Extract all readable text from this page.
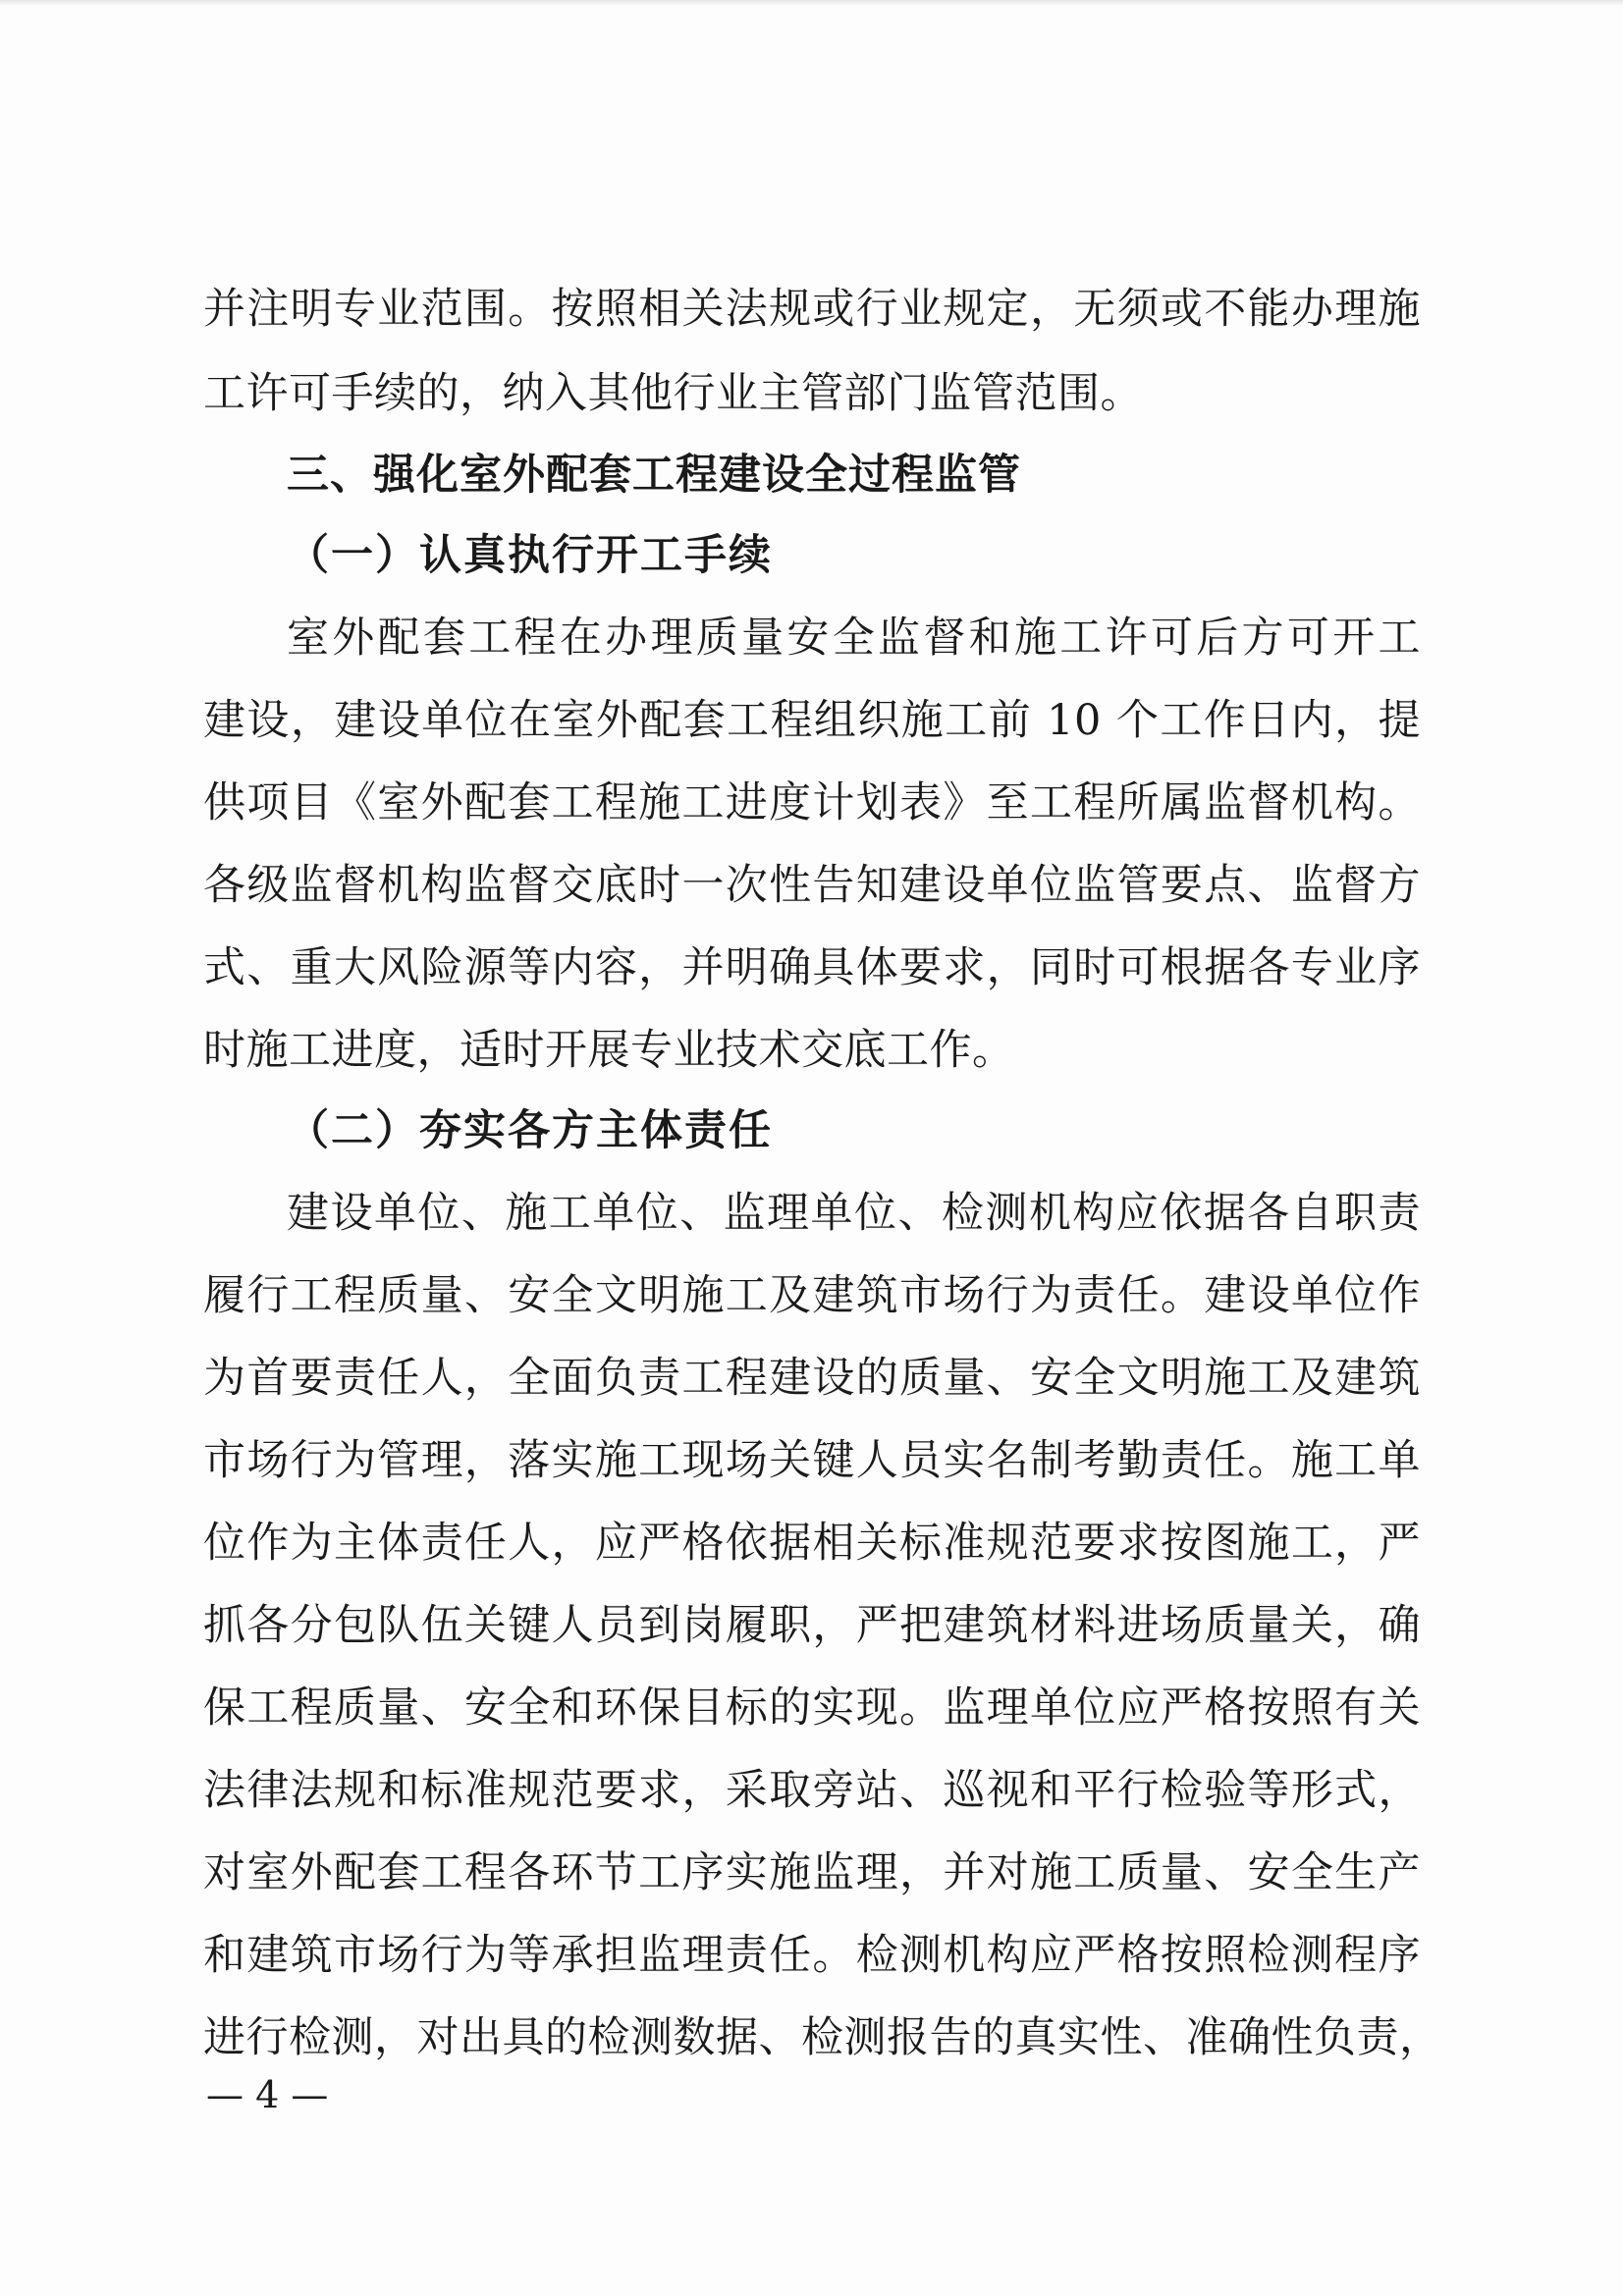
并注明专业范围。按照相关法规或行业规定，无须或不能办理施
工许可手续的，纳入其他行业主管部门监管范围。
三、强化室外配套工程建设全过程监管
（一）认真执行开工手续
室外配套工程在办理质量安全监督和施工许可后方可开工
建设，建设单位在室外配套工程组织施工前 10 个工作日内，提
供项目《室外配套工程施工进度计划表》至工程所属监督机构。
各级监督机构监督交底时一次性告知建设单位监管要点、监督方
式、重大风险源等内容，并明确具体要求，同时可根据各专业序
时施工进度，适时开展专业技术交底工作。
（二）夯实各方主体责任
建设单位、施工单位、监理单位、检测机构应依据各自职责
履行工程质量、安全文明施工及建筑市场行为责任。建设单位作
为首要责任人，全面负责工程建设的质量、安全文明施工及建筑
市场行为管理，落实施工现场关键人员实名制考勤责任。施工单
位作为主体责任人，应严格依据相关标准规范要求按图施工，严
抓各分包队伍关键人员到岗履职，严把建筑材料进场质量关，确
保工程质量、安全和环保目标的实现。监理单位应严格按照有关
法律法规和标准规范要求，采取旁站、巡视和平行检验等形式，
对室外配套工程各环节工序实施监理，并对施工质量、安全生产
和建筑市场行为等承担监理责任。检测机构应严格按照检测程序
进行检测，对出具的检测数据、检测报告的真实性、准确性负责，
— 4 —
